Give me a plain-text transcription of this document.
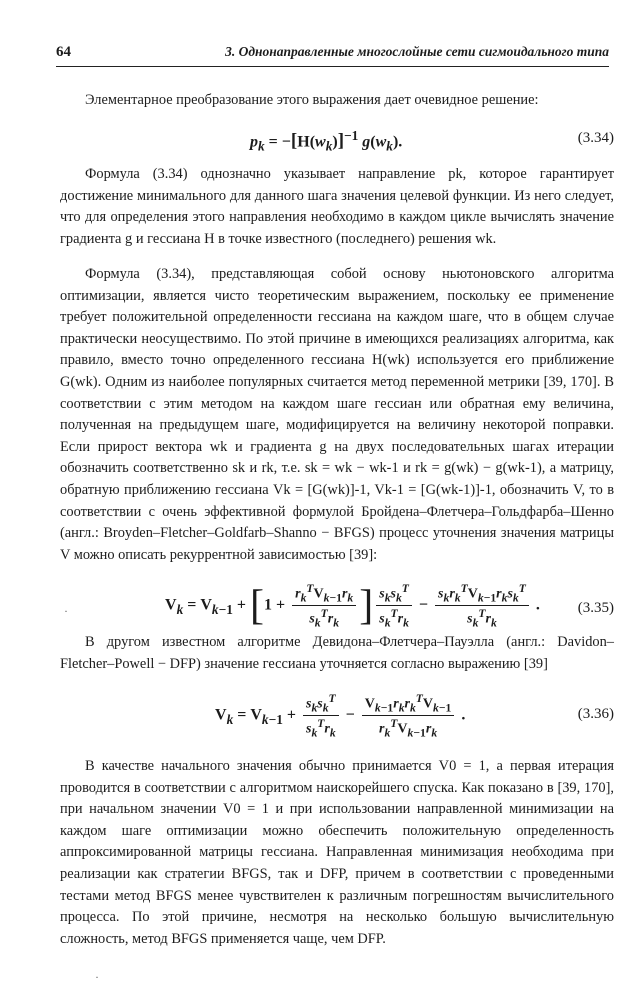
64	3. Однонаправленные многослойные сети сигмоидального типа

Элементарное преобразование этого выражения дает очевидное решение:

$p_k = -[H(w_k)]^{-1}$ $g(w_k)$.	(3.34)

Формула (3.34) однозначно указывает направление pk, которое гарантирует достижение минимального для данного шага значения целевой функции. Из него следует, что для определения этого направления необходимо в каждом цикле вычислять значение градиента g и гессиана H в точке известного (последнего) решения wk.

Формула (3.34), представляющая собой основу ньютоновского алгоритма оптимизации, является чисто теоретическим выражением, поскольку ее применение требует положительной определенности гессиана на каждом шаге, что в общем случае практически неосуществимо. По этой причине в имеющихся реализациях алгоритма, как правило, вместо точно определенного гессиана H(wk) используется его приближение G(wk). Одним из наиболее популярных считается метод переменной метрики [39, 170]. В соответствии с этим методом на каждом шаге гессиан или обратная ему величина, полученная на предыдущем шаге, модифицируется на величину некоторой поправки. Если прирост вектора wk и градиента g на двух последовательных шагах итерации обозначить соответственно sk и rk, т.е. sk = wk − wk-1 и rk = g(wk) − g(wk-1), а матрицу, обратную приближению гессиана Vk = [G(wk)]-1, Vk-1 = [G(wk-1)]-1, обозначить V, то в соответствии с очень эффективной формулой Бройдена–Флетчера–Гольдфарба–Шенно (англ.: Broyden–Fletcher–Goldfarb–Shanno − BFGS) процесс уточнения значения матрицы V можно описать рекуррентной зависимостью [39]:

$V_k = V_{k-1} + [1 + \frac{r_k^TV_{k-1}r_k}{s_k^Tr_k}$ ] $\frac{s_ks_k^T}{s_k^Tr_k} - \frac{s_kr_k^TV_{k-1}r_ks_k^T}{s_k^Tr_k}$ .	(3.35)

В другом известном алгоритме Девидона–Флетчера–Пауэлла (англ.: Davidon–Fletcher–Powell − DFP) значение гессиана уточняется согласно выражению [39]

$V_k = V_{k-1} + \frac{s_ks_k^T}{s_k^Tr_k} - \frac{V_{k-1}r_kr_k^TV_{k-1}}{r_k^TV_{k-1}r_k}$ .	(3.36)

В качестве начального значения обычно принимается V0 = 1, а первая итерация проводится в соответствии с алгоритмом наискорейшего спуска. Как показано в [39, 170], при начальном значении V0 = 1 и при использовании направленной минимизации на каждом шаге оптимизации можно обеспечить положительную определенность аппроксимированной матрицы гессиана. Направленная минимизация необходима при реализации как стратегии BFGS, так и DFP, причем в соответствии с проведенными тестами метод BFGS менее чувствителен к различным погрешностям вычислительного процесса. По этой причине, несмотря на несколько большую вычислительную сложность, метод BFGS применяется чаще, чем DFP.

·
·
